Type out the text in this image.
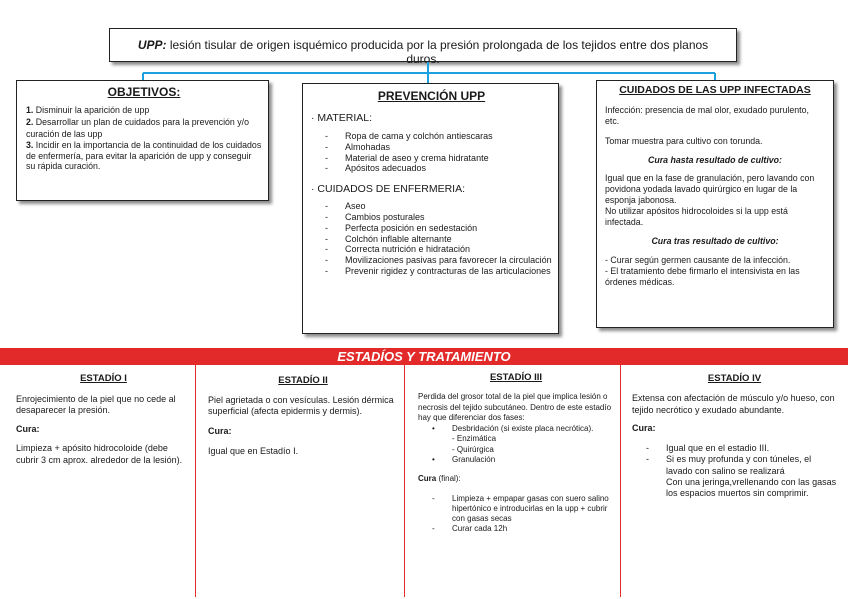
UPP: lesión tisular de origen isquémico producida por la presión prolongada de los tejidos entre dos planos duros.
OBJETIVOS:
1. Disminuir la aparición de upp
2. Desarrollar un plan de cuidados para la prevención y/o curación de las upp
3. Incidir en la importancia de la continuidad de los cuidados de enfermería, para evitar la aparición de upp y conseguir su rápida curación.
PREVENCIÓN UPP
· MATERIAL:
- Ropa de cama y colchón antiescaras
- Almohadas
- Material de aseo y crema hidratante
- Apósitos adecuados
· CUIDADOS DE ENFERMERIA:
- Aseo
- Cambios posturales
- Perfecta posición en sedestación
- Colchón inflable alternante
- Correcta nutrición e hidratación
- Movilizaciones pasivas para favorecer la circulación
- Prevenir rigidez y contracturas de las articulaciones
CUIDADOS DE LAS UPP INFECTADAS
Infección: presencia de mal olor, exudado purulento, etc.
Tomar muestra para cultivo con torunda.
Cura hasta resultado de cultivo:
Igual que en la fase de granulación, pero lavando con povidona yodada lavado quirúrgico en lugar de la esponja jabonosa.
No utilizar apósitos hidrocoloides si la upp está infectada.
Cura tras resultado de cultivo:
- Curar según germen causante de la infección.
- El tratamiento debe firmarlo el intensivista en las órdenes médicas.
ESTADÍOS Y TRATAMIENTO
ESTADÍO I
Enrojecimiento de la piel que no cede al desaparecer la presión.
Cura:
Limpieza + apósito hidrocoloide (debe cubrir 3 cm aprox. alrededor de la lesión).
ESTADÍO II
Piel agrietada o con vesículas. Lesión dérmica superficial (afecta epidermis y dermis).
Cura:
Igual que en Estadío I.
ESTADÍO III
Perdida del grosor total de la piel que implica lesión o necrosis del tejido subcutáneo. Dentro de este estadío hay que diferenciar dos fases:
• Desbridación (si existe placa necrótica).
- Enzimática
- Quirúrgica
• Granulación
Cura (final):
- Limpieza + empapar gasas con suero salino hipertónico e introducirlas en la upp + cubrir con gasas secas
- Curar cada 12h
ESTADÍO IV
Extensa con afectación de músculo y/o hueso, con tejido necrótico y exudado abundante.
Cura:
- Igual que en el estadio III.
- Si es muy profunda y con túneles, el lavado con salino se realizará
Con una jeringa,vrellenando con las gasas los espacios muertos sin comprimir.
